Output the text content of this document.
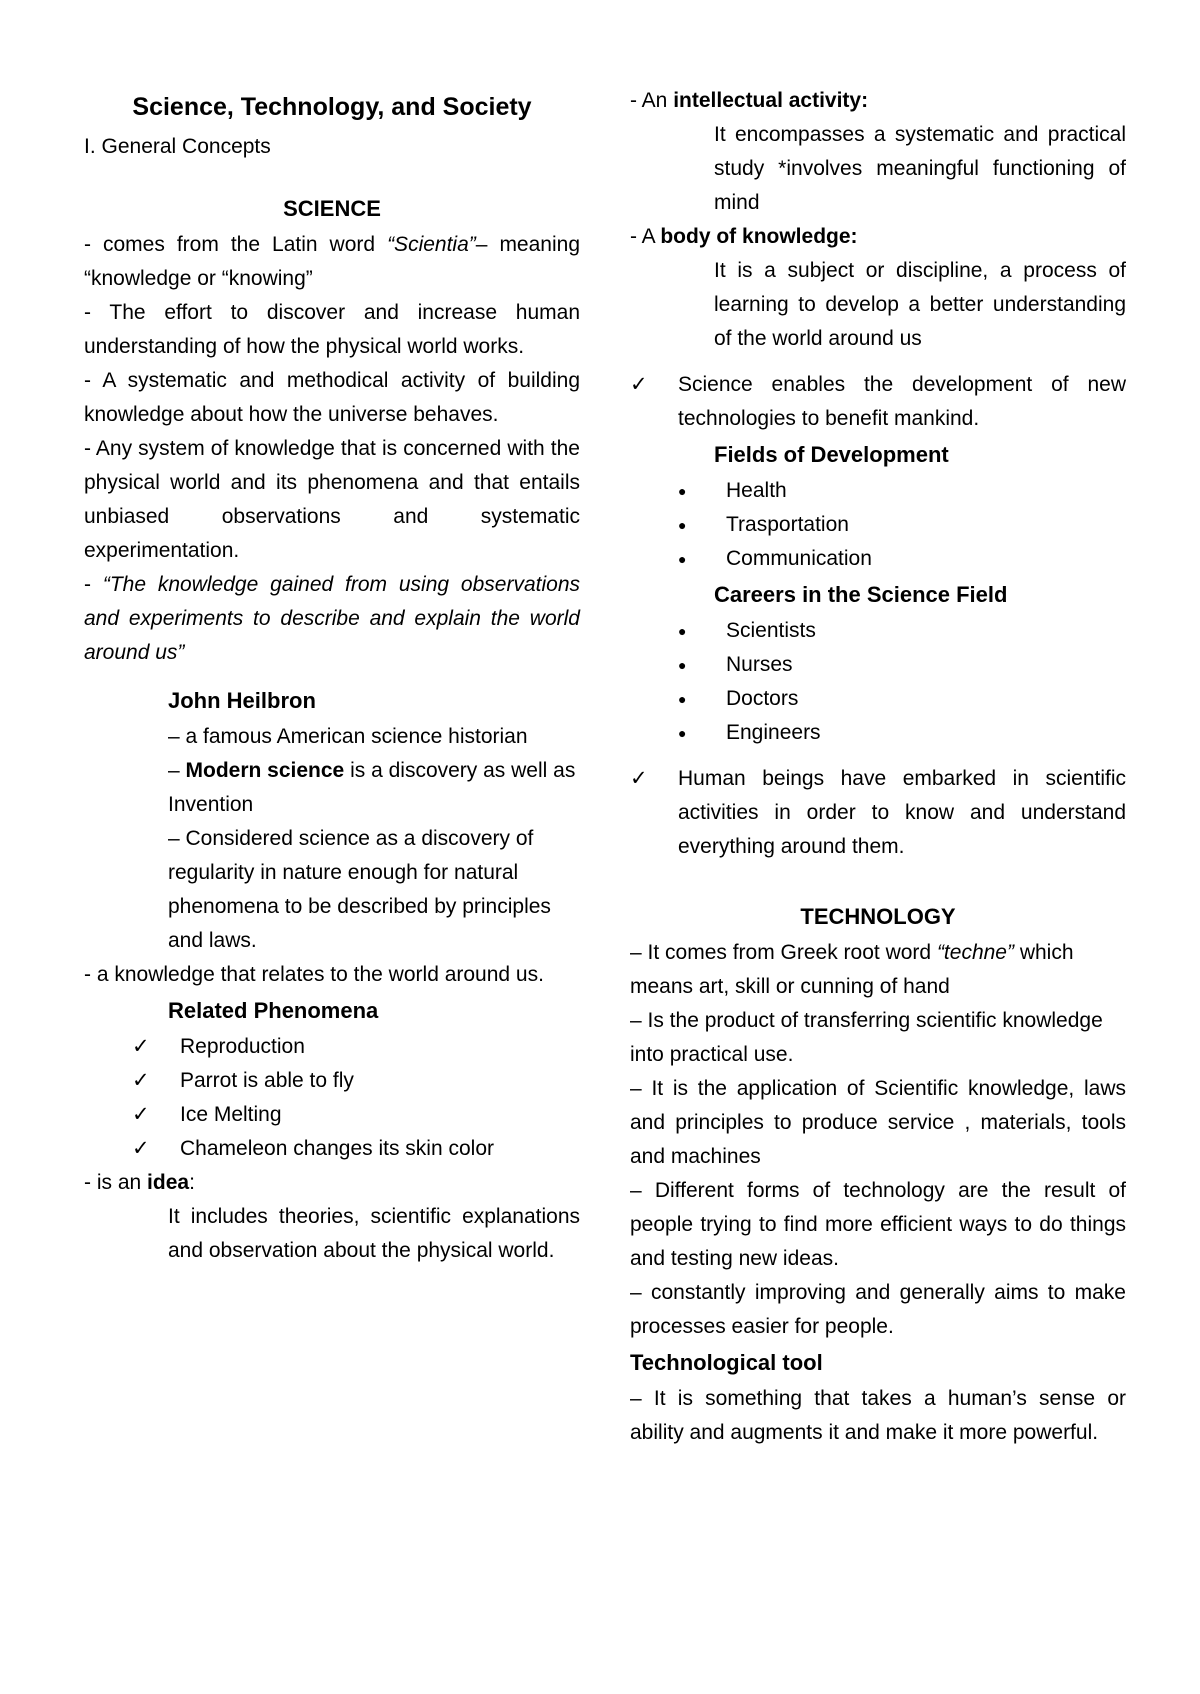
Science, Technology, and Society

I. General Concepts

SCIENCE

- comes from the Latin word “Scientia”– meaning “knowledge or “knowing”

- The effort to discover and increase human understanding of how the physical world works.

- A systematic and methodical activity of building knowledge about how the universe behaves.

- Any system of knowledge that is concerned with the physical world and its phenomena and that entails unbiased observations and systematic experimentation.

- “The knowledge gained from using observations and experiments to describe and explain the world around us”

John Heilbron

– a famous American science historian

– Modern science is a discovery as well as Invention

– Considered science as a discovery of regularity in nature enough for natural phenomena to be described by principles and laws.

- a knowledge that relates to the world around us.

Related Phenomena

✓ Reproduction
✓ Parrot is able to fly
✓ Ice Melting
✓ Chameleon changes its skin color

- is an idea:

It includes theories, scientific explanations and observation about the physical world.

- An intellectual activity:

It encompasses a systematic and practical study *involves meaningful functioning of mind

- A body of knowledge:

It is a subject or discipline, a process of learning to develop a better understanding of the world around us

✓ Science enables the development of new technologies to benefit mankind.

Fields of Development

● Health
● Trasportation
● Communication

Careers in the Science Field

● Scientists
● Nurses
● Doctors
● Engineers
✓ Human beings have embarked in scientific activities in order to know and understand everything around them.

TECHNOLOGY

– It comes from Greek root word “techne” which means art, skill or cunning of hand

– Is the product of transferring scientific knowledge into practical use.

– It is the application of Scientific knowledge, laws and principles to produce service , materials, tools and machines

– Different forms of technology are the result of people trying to find more efficient ways to do things and testing new ideas.

– constantly improving and generally aims to make processes easier for people.

Technological tool

– It is something that takes a human’s sense or ability and augments it and make it more powerful.
